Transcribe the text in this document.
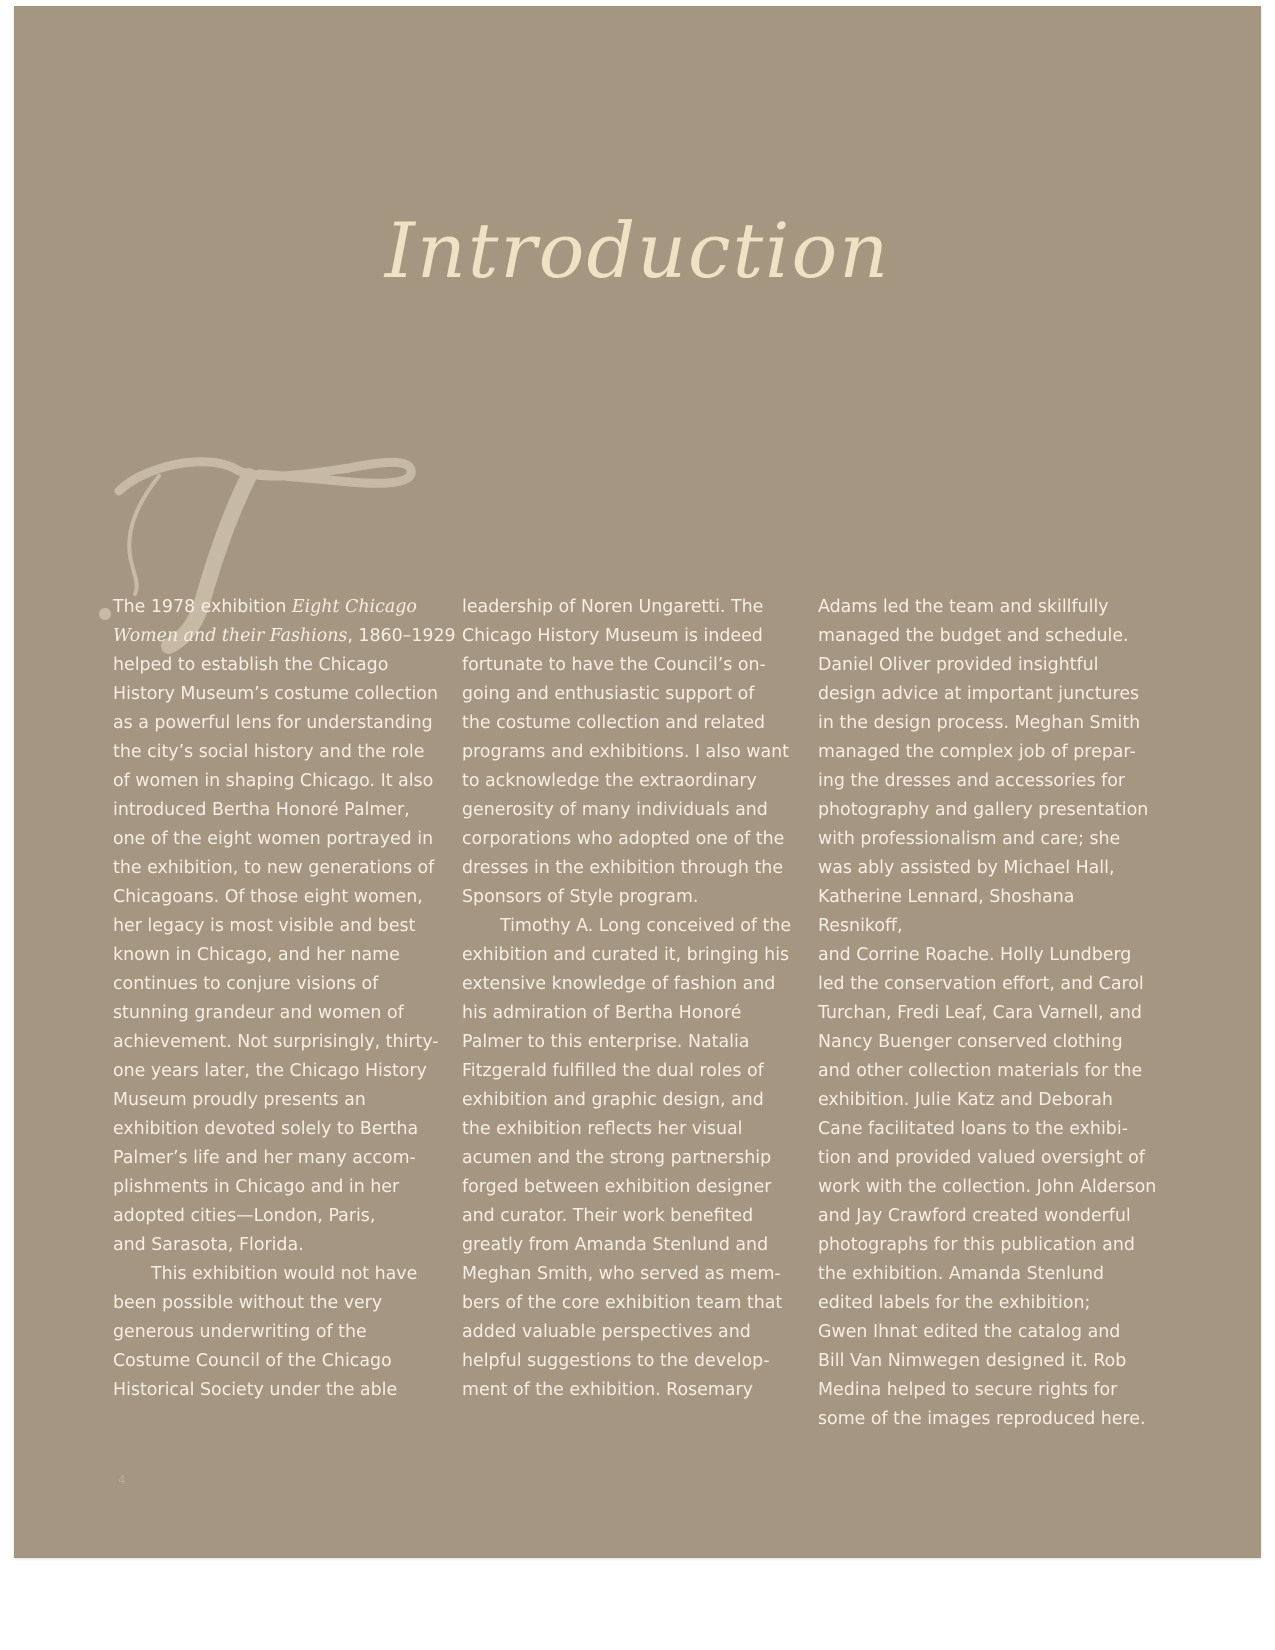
Introduction

The 1978 exhibition Eight Chicago
Women and their Fashions, 1860–1929
helped to establish the Chicago
History Museum’s costume collection
as a powerful lens for understanding
the city’s social history and the role
of women in shaping Chicago. It also
introduced Bertha Honoré Palmer,
one of the eight women portrayed in
the exhibition, to new generations of
Chicagoans. Of those eight women,
her legacy is most visible and best
known in Chicago, and her name
continues to conjure visions of
stunning grandeur and women of
achievement. Not surprisingly, thirty-
one years later, the Chicago History
Museum proudly presents an
exhibition devoted solely to Bertha
Palmer’s life and her many accom-
plishments in Chicago and in her
adopted cities—London, Paris,
and Sarasota, Florida.

This exhibition would not have
been possible without the very
generous underwriting of the
Costume Council of the Chicago
Historical Society under the able

leadership of Noren Ungaretti. The
Chicago History Museum is indeed
fortunate to have the Council’s on-
going and enthusiastic support of
the costume collection and related
programs and exhibitions. I also want
to acknowledge the extraordinary
generosity of many individuals and
corporations who adopted one of the
dresses in the exhibition through the
Sponsors of Style program.

Timothy A. Long conceived of the
exhibition and curated it, bringing his
extensive knowledge of fashion and
his admiration of Bertha Honoré
Palmer to this enterprise. Natalia
Fitzgerald fulfilled the dual roles of
exhibition and graphic design, and
the exhibition reflects her visual
acumen and the strong partnership
forged between exhibition designer
and curator. Their work benefited
greatly from Amanda Stenlund and
Meghan Smith, who served as mem-
bers of the core exhibition team that
added valuable perspectives and
helpful suggestions to the develop-
ment of the exhibition. Rosemary

Adams led the team and skillfully
managed the budget and schedule.
Daniel Oliver provided insightful
design advice at important junctures
in the design process. Meghan Smith
managed the complex job of prepar-
ing the dresses and accessories for
photography and gallery presentation
with professionalism and care; she
was ably assisted by Michael Hall,
Katherine Lennard, Shoshana Resnikoff,
and Corrine Roache. Holly Lundberg
led the conservation effort, and Carol
Turchan, Fredi Leaf, Cara Varnell, and
Nancy Buenger conserved clothing
and other collection materials for the
exhibition. Julie Katz and Deborah
Cane facilitated loans to the exhibi-
tion and provided valued oversight of
work with the collection. John Alderson
and Jay Crawford created wonderful
photographs for this publication and
the exhibition. Amanda Stenlund
edited labels for the exhibition;
Gwen Ihnat edited the catalog and
Bill Van Nimwegen designed it. Rob
Medina helped to secure rights for
some of the images reproduced here.

4
